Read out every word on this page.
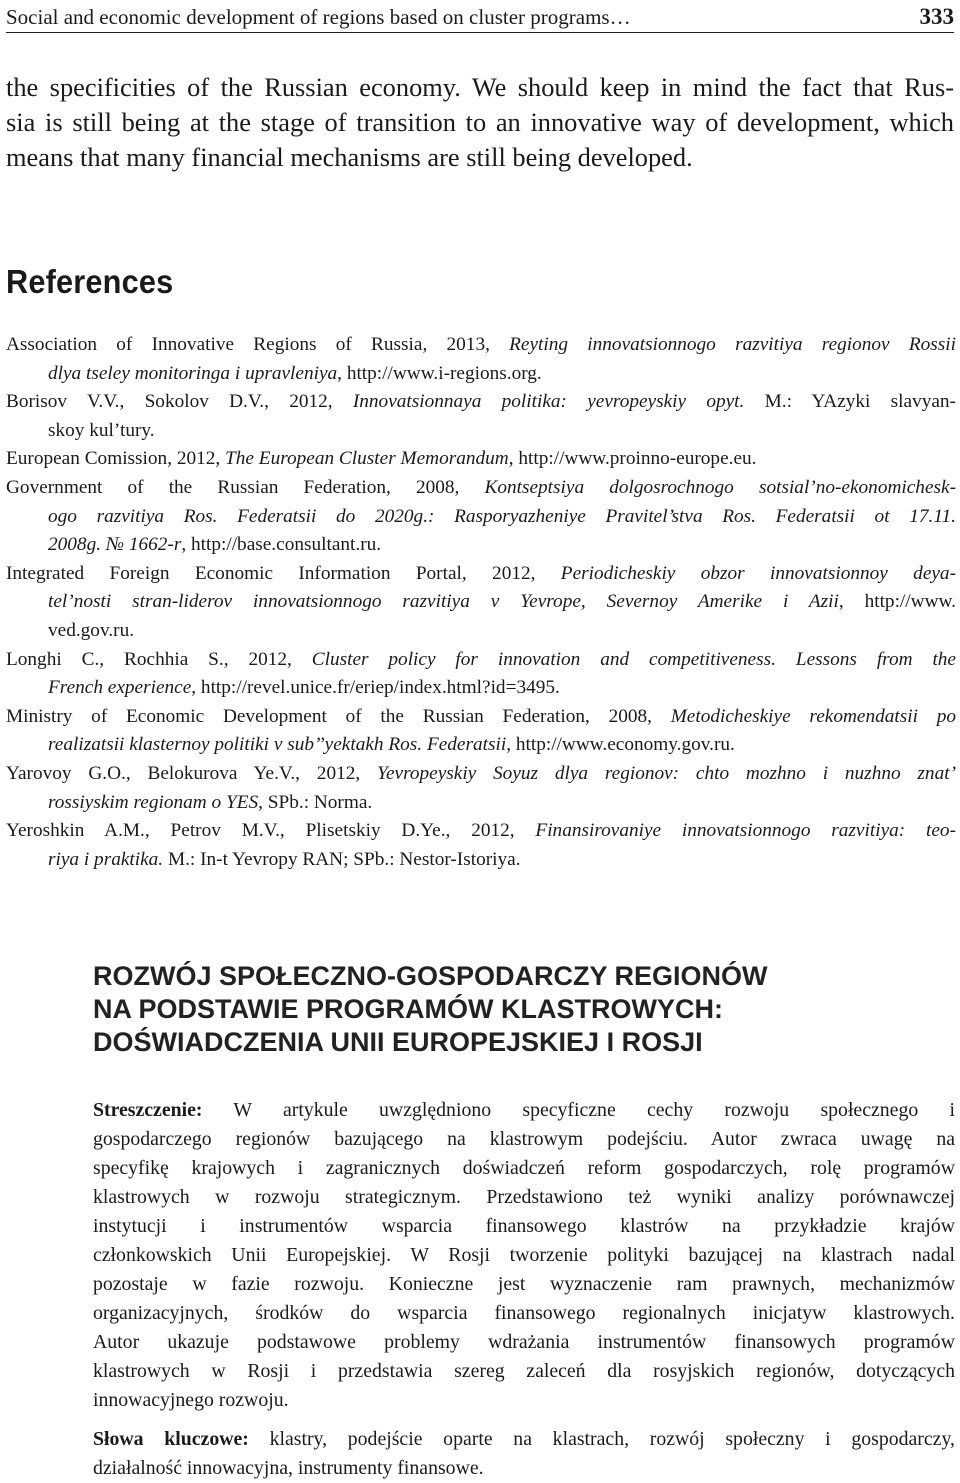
Social and economic development of regions based on cluster programs…	333
the specificities of the Russian economy. We should keep in mind the fact that Rus-
sia is still being at the stage of transition to an innovative way of development, which
means that many financial mechanisms are still being developed.
References
Association of Innovative Regions of Russia, 2013, Reyting innovatsionnogo razvitiya regionov Rossii
dlya tseley monitoringa i upravleniya, http://www.i-regions.org.
Borisov V.V., Sokolov D.V., 2012, Innovatsionnaya politika: yevropeyskiy opyt. M.: YAzyki slavyan-
skoy kul’tury.
European Comission, 2012, The European Cluster Memorandum, http://www.proinno-europe.eu.
Government of the Russian Federation, 2008, Kontseptsiya dolgosrochnogo sotsial’no-ekonomichesk-
ogo razvitiya Ros. Federatsii do 2020g.: Rasporyazheniye Pravitel’stva Ros. Federatsii ot 17.11.
2008g. № 1662-r, http://base.consultant.ru.
Integrated Foreign Economic Information Portal, 2012, Periodicheskiy obzor innovatsionnoy deya-
tel’nosti stran-liderov innovatsionnogo razvitiya v Yevrope, Severnoy Amerike i Azii, http://www.
ved.gov.ru.
Longhi C., Rochhia S., 2012, Cluster policy for innovation and competitiveness. Lessons from the
French experience, http://revel.unice.fr/eriep/index.html?id=3495.
Ministry of Economic Development of the Russian Federation, 2008, Metodicheskiye rekomendatsii po
realizatsii klasternoy politiki v sub’’yektakh Ros. Federatsii, http://www.economy.gov.ru.
Yarovoy G.O., Belokurova Ye.V., 2012, Yevropeyskiy Soyuz dlya regionov: chto mozhno i nuzhno znat’
rossiyskim regionam o YES, SPb.: Norma.
Yeroshkin A.M., Petrov M.V., Plisetskiy D.Ye., 2012, Finansirovaniye innovatsionnogo razvitiya: teo-
riya i praktika. M.: In-t Yevropy RAN; SPb.: Nestor-Istoriya.
ROZWÓJ SPOŁECZNO-GOSPODARCZY REGIONÓW
NA PODSTAWIE PROGRAMÓW KLASTROWYCH:
DOŚWIADCZENIA UNII EUROPEJSKIEJ I ROSJI
Streszczenie: W artykule uwzględniono specyficzne cechy rozwoju społecznego i
gospodarczego regionów bazującego na klastrowym podejściu. Autor zwraca uwagę na
specyfikę krajowych i zagranicznych doświadczeń reform gospodarczych, rolę programów
klastrowych w rozwoju strategicznym. Przedstawiono też wyniki analizy porównawczej
instytucji i instrumentów wsparcia finansowego klastrów na przykładzie krajów
członkowskich Unii Europejskiej. W Rosji tworzenie polityki bazującej na klastrach nadal
pozostaje w fazie rozwoju. Konieczne jest wyznaczenie ram prawnych, mechanizmów
organizacyjnych, środków do wsparcia finansowego regionalnych inicjatyw klastrowych.
Autor ukazuje podstawowe problemy wdrażania instrumentów finansowych programów
klastrowych w Rosji i przedstawia szereg zaleceń dla rosyjskich regionów, dotyczących
innowacyjnego rozwoju.
Słowa kluczowe: klastry, podejście oparte na klastrach, rozwój społeczny i gospodarczy,
działalność innowacyjna, instrumenty finansowe.
